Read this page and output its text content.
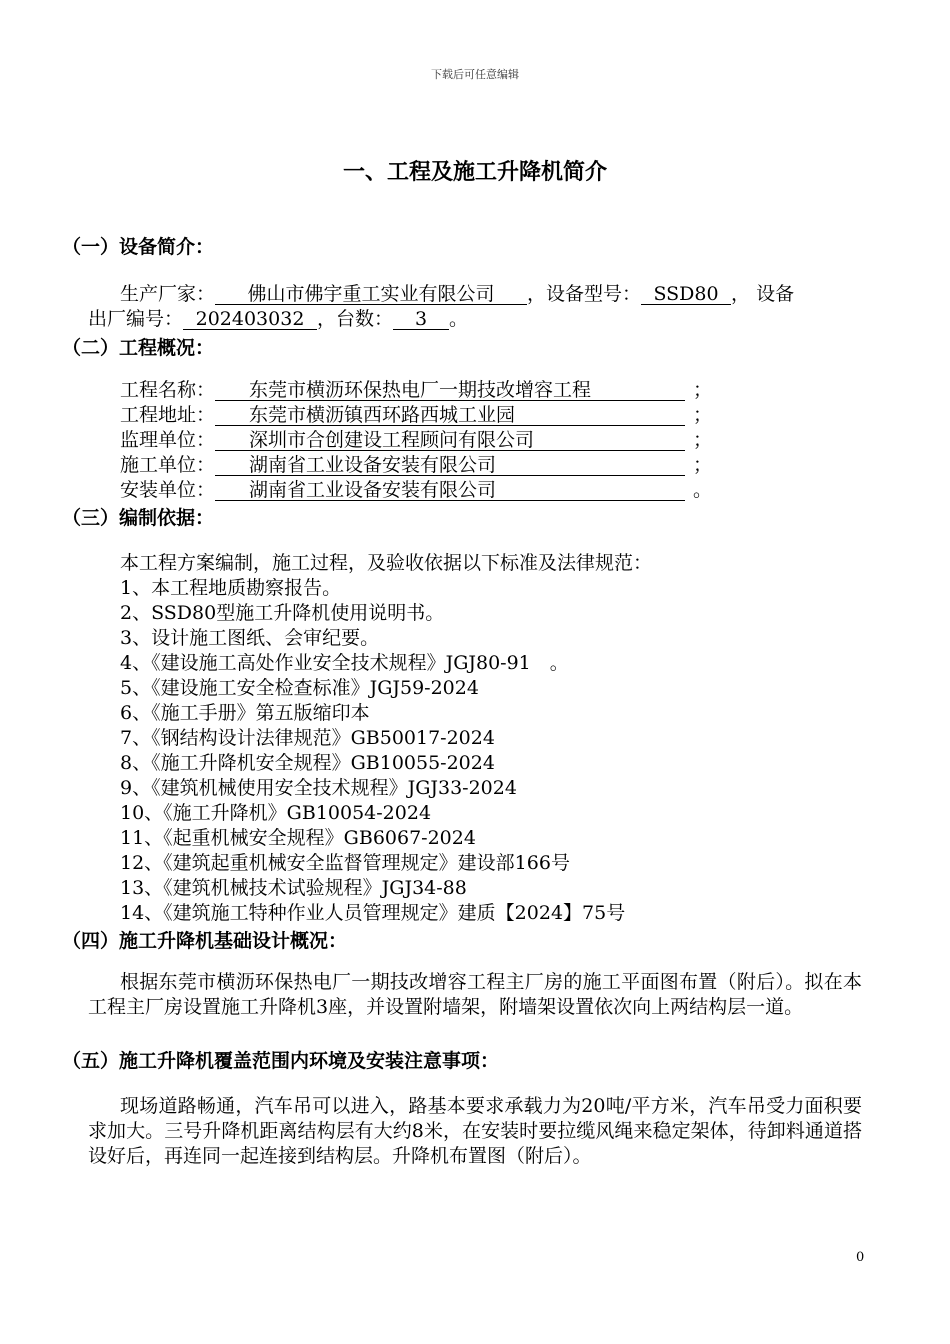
下载后可任意编辑
一、工程及施工升降机简介
（一）设备简介：
生产厂家： 佛山市佛宇重工实业有限公司 ，设备型号： SSD80 ， 设备
出厂编号： 202403032 ，台数： 3 。
（二）工程概况：
工程名称： 东莞市横沥环保热电厂一期技改增容工程	；
工程地址： 东莞市横沥镇西环路西城工业园	；
监理单位： 深圳市合创建设工程顾问有限公司	；
施工单位： 湖南省工业设备安装有限公司	；
安装单位： 湖南省工业设备安装有限公司	。
（三）编制依据：
本工程方案编制，施工过程，及验收依据以下标准及法律规范：
1、本工程地质勘察报告。
2、SSD80型施工升降机使用说明书。
3、设计施工图纸、会审纪要。
4、《建设施工高处作业安全技术规程》JGJ80-91　。
5、《建设施工安全检查标准》JGJ59-2024
6、《施工手册》第五版缩印本
7、《钢结构设计法律规范》GB50017-2024
8、《施工升降机安全规程》GB10055-2024
9、《建筑机械使用安全技术规程》JGJ33-2024
10、《施工升降机》GB10054-2024
11、《起重机械安全规程》GB6067-2024
12、《建筑起重机械安全监督管理规定》建设部166号
13、《建筑机械技术试验规程》JGJ34-88
14、《建筑施工特种作业人员管理规定》建质【2024】75号
（四）施工升降机基础设计概况：
根据东莞市横沥环保热电厂一期技改增容工程主厂房的施工平面图布置（附后）。拟在本工程主厂房设置施工升降机3座，并设置附墙架，附墙架设置依次向上两结构层一道。
（五）施工升降机覆盖范围内环境及安装注意事项：
现场道路畅通，汽车吊可以进入，路基本要求承载力为20吨/平方米，汽车吊受力面积要求加大。三号升降机距离结构层有大约8米，在安装时要拉缆风绳来稳定架体，待卸料通道搭设好后，再连同一起连接到结构层。升降机布置图（附后）。
0
